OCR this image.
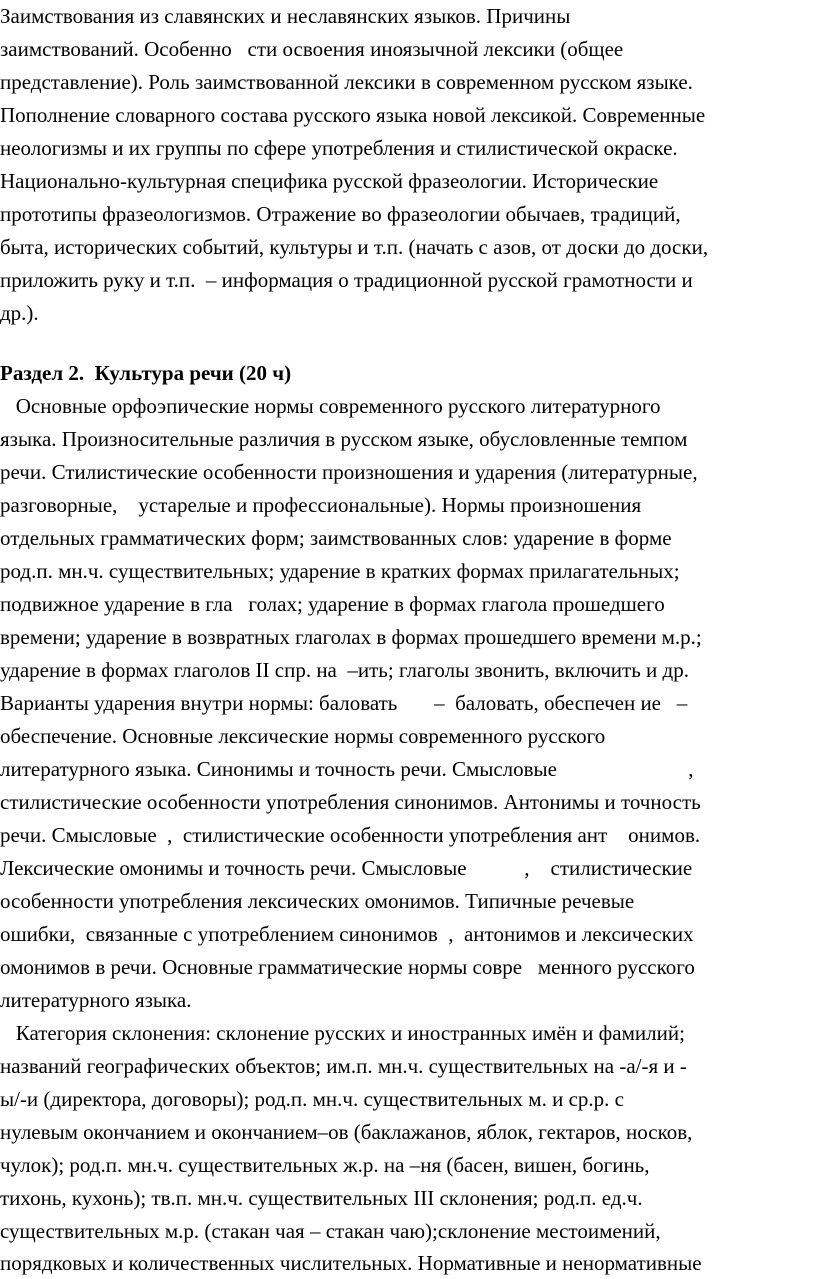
Заимствования из славянских и неславянских языков. Причины
заимствований. Особенно   сти освоения иноязычной лексики (общее
представление). Роль заимствованной лексики в современном русском языке.
Пополнение словарного состава русского языка новой лексикой. Современные
неологизмы и их группы по сфере употребления и стилистической окраске.
Национально-культурная специфика русской фразеологии. Исторические
прототипы фразеологизмов. Отражение во фразеологии обычаев, традиций,
быта, исторических событий, культуры и т.п. (начать с азов, от доски до доски,
приложить руку и т.п.  – информация о традиционной русской грамотности и
др.).
Раздел 2.  Культура речи (20 ч)
Основные орфоэпические нормы современного русского литературного
языка. Произносительные различия в русском языке, обусловленные темпом
речи. Стилистические особенности произношения и ударения (литературные,
разговорные,    устарелые и профессиональные). Нормы произношения
отдельных грамматических форм; заимствованных слов: ударение в форме
род.п. мн.ч. существительных; ударение в кратких формах прилагательных;
подвижное ударение в гла   голах; ударение в формах глагола прошедшего
времени; ударение в возвратных глаголах в формах прошедшего времени м.р.;
ударение в формах глаголов II спр. на  –ить; глаголы звонить, включить и др.
Варианты ударения внутри нормы: баловать       –  баловать, обеспечен ие   –
обеспечение. Основные лексические нормы современного русского
литературного языка. Синонимы и точность речи. Смысловые                         ,
стилистические особенности употребления синонимов. Антонимы и точность
речи. Смысловые  ,  стилистические особенности употребления ант    онимов.
Лексические омонимы и точность речи. Смысловые           ,    стилистические
особенности употребления лексических омонимов. Типичные речевые
ошибки,  связанные с употреблением синонимов  ,  антонимов и лексических
омонимов в речи. Основные грамматические нормы совре   менного русского
литературного языка.
Категория склонения: склонение русских и иностранных имён и фамилий;
названий географических объектов; им.п. мн.ч. существительных на -а/-я и -
ы/-и (директора, договоры); род.п. мн.ч. существительных м. и ср.р. с
нулевым окончанием и окончанием–ов (баклажанов, яблок, гектаров, носков,
чулок); род.п. мн.ч. существительных ж.р. на –ня (басен, вишен, богинь,
тихонь, кухонь); тв.п. мн.ч. существительных III склонения; род.п. ед.ч.
существительных м.р. (стакан чая – стакан чаю);склонение местоимений,
порядковых и количественных числительных. Нормативные и ненормативные
